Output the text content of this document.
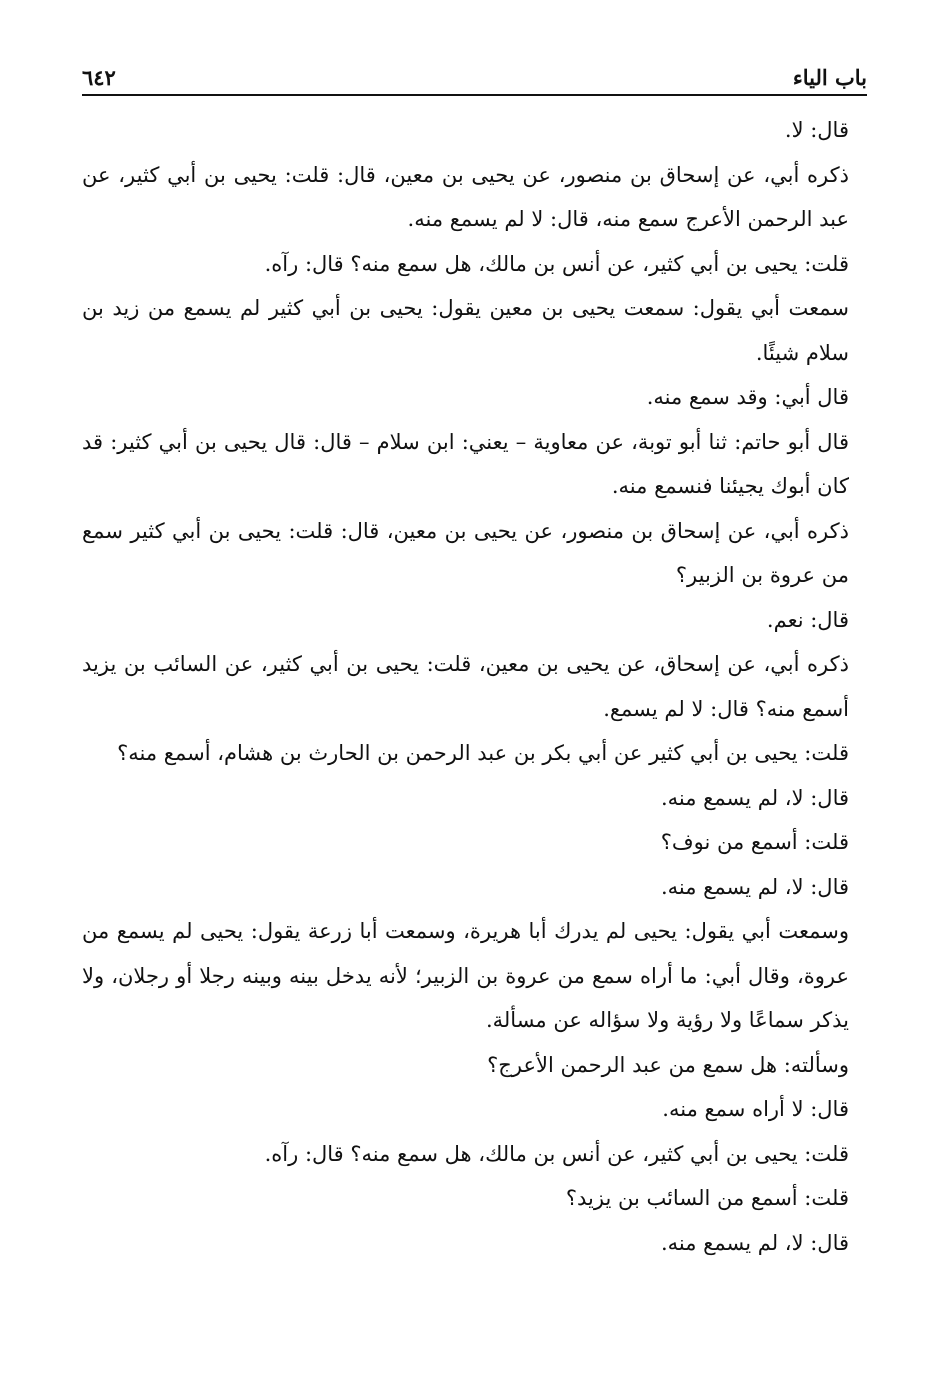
باب الياء
٦٤٢

قال: لا.

ذكره أبي، عن إسحاق بن منصور، عن يحيى بن معين، قال: قلت: يحيى بن أبي كثير، عن عبد الرحمن الأعرج سمع منه، قال: لا لم يسمع منه.

قلت: يحيى بن أبي كثير، عن أنس بن مالك، هل سمع منه؟ قال: رآه.

سمعت أبي يقول: سمعت يحيى بن معين يقول: يحيى بن أبي كثير لم يسمع من زيد بن سلام شيئًا.

قال أبي: وقد سمع منه.

قال أبو حاتم: ثنا أبو توبة، عن معاوية – يعني: ابن سلام – قال: قال يحيى بن أبي كثير: قد كان أبوك يجيئنا فنسمع منه.

ذكره أبي، عن إسحاق بن منصور، عن يحيى بن معين، قال: قلت: يحيى بن أبي كثير سمع من عروة بن الزبير؟

قال: نعم.

ذكره أبي، عن إسحاق، عن يحيى بن معين، قلت: يحيى بن أبي كثير، عن السائب بن يزيد أسمع منه؟ قال: لا لم يسمع.

قلت: يحيى بن أبي كثير عن أبي بكر بن عبد الرحمن بن الحارث بن هشام، أسمع منه؟

قال: لا، لم يسمع منه.

قلت: أسمع من نوف؟

قال: لا، لم يسمع منه.

وسمعت أبي يقول: يحيى لم يدرك أبا هريرة، وسمعت أبا زرعة يقول: يحيى لم يسمع من عروة، وقال أبي: ما أراه سمع من عروة بن الزبير؛ لأنه يدخل بينه وبينه رجلا أو رجلان، ولا يذكر سماعًا ولا رؤية ولا سؤاله عن مسألة.

وسألته: هل سمع من عبد الرحمن الأعرج؟

قال: لا أراه سمع منه.

قلت: يحيى بن أبي كثير، عن أنس بن مالك، هل سمع منه؟ قال: رآه.

قلت: أسمع من السائب بن يزيد؟

قال: لا، لم يسمع منه.
